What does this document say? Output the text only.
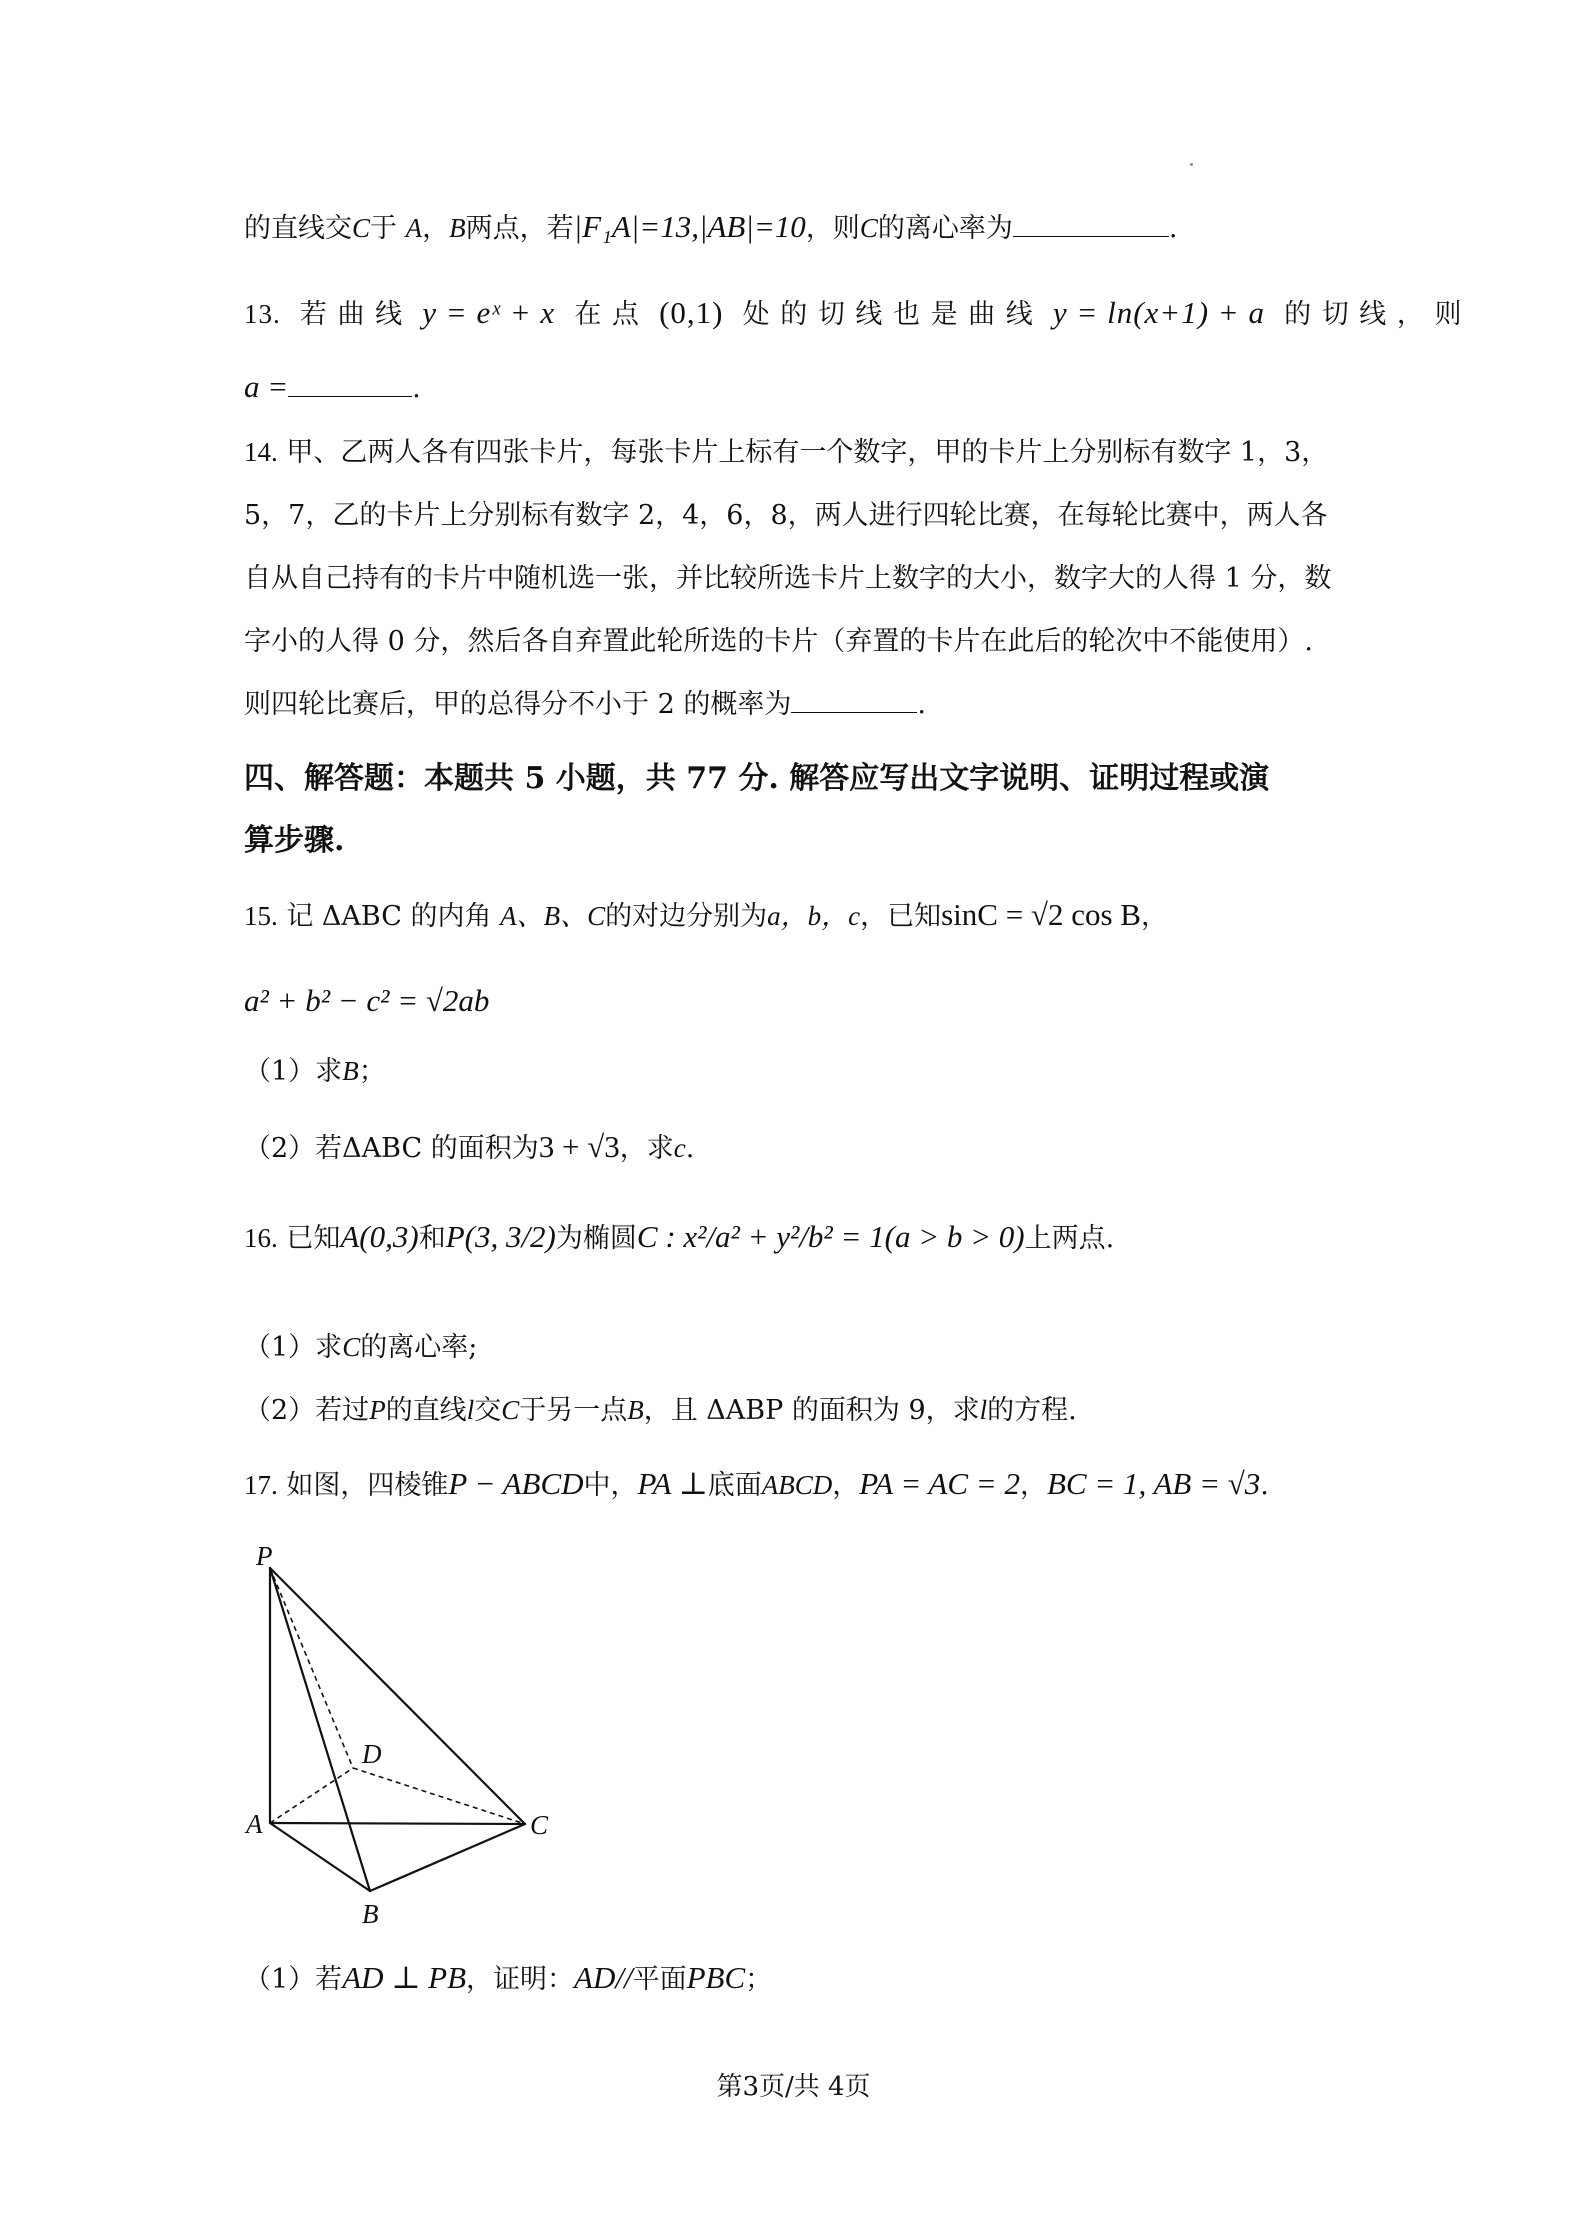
的直线交C于 A，B两点，若|F₁A|=13,|AB|=10，则C的离心率为	.
13. 若 曲 线 y = eˣ + x 在 点 (0,1) 处 的 切 线 也 是 曲 线 y = ln(x+1) + a 的 切 线 ， 则
a =	.
14. 甲、乙两人各有四张卡片，每张卡片上标有一个数字，甲的卡片上分别标有数字 1，3，
5，7，乙的卡片上分别标有数字 2，4，6，8，两人进行四轮比赛，在每轮比赛中，两人各
自从自己持有的卡片中随机选一张，并比较所选卡片上数字的大小，数字大的人得 1 分，数
字小的人得 0 分，然后各自弃置此轮所选的卡片（弃置的卡片在此后的轮次中不能使用）.
则四轮比赛后，甲的总得分不小于 2 的概率为	.
四、解答题：本题共 5 小题，共 77 分. 解答应写出文字说明、证明过程或演
算步骤.
15. 记 ΔABC 的内角 A、B、C的对边分别为a，b，c，已知sinC = √2 cos B，
a² + b² − c² = √2ab
（1）求B；
（2）若ΔABC 的面积为3 + √3，求c.
16. 已知A(0,3)和P(3, 3/2)为椭圆C : x²/a² + y²/b² = 1(a > b > 0)上两点.
（1）求C的离心率;
（2）若过P的直线l交C于另一点B，且 ΔABP 的面积为 9，求l的方程.
17. 如图，四棱锥P − ABCD中，PA ⊥底面ABCD，PA = AC = 2，BC = 1, AB = √3.
P
D
A	C
B
（1）若AD ⊥ PB，证明：AD//平面PBC；
第3页/共 4页
